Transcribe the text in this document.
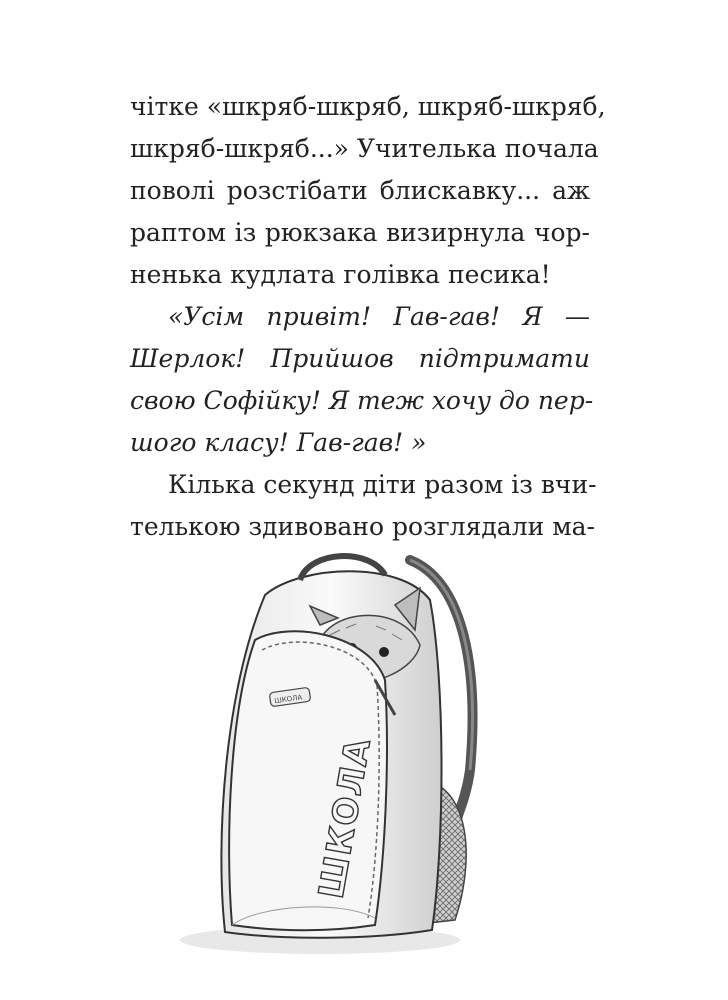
чітке «шкряб-шкряб, шкряб-шкряб,
шкряб-шкряб...» Учителька почала
поволі розстібати блискавку... аж
раптом із рюкзака визирнула чор-
ненька кудлата голівка песика!
«Усім привіт! Гав-гав! Я —
Шерлок! Прийшов підтримати
свою Софійку! Я теж хочу до пер-
шого класу! Гав-гав! »
Кілька секунд діти разом із вчи-
телькою здивовано розглядали ма-
ШКОЛА
ШКОЛА
